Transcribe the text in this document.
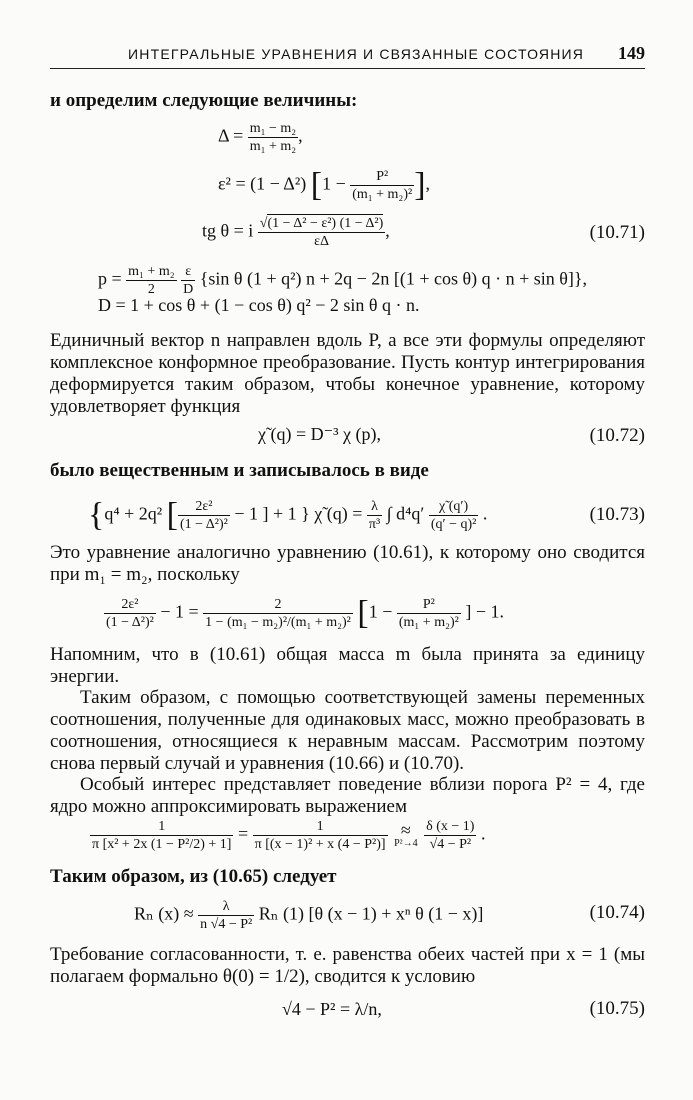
ИНТЕГРАЛЬНЫЕ УРАВНЕНИЯ И СВЯЗАННЫЕ СОСТОЯНИЯ 149
и определим следующие величины:
$\Delta = \frac{\text{m₁ − m₂}}{\text{m₁ + m₂}}$ ,
ε² = (1 − Δ²) [$1 - \frac{\text{P²}}{\text{(m₁ + m₂)²}}$ ],
tg θ = i $\frac{\text{√(1 − Δ² − ε²) (1 − Δ²)}}{\varepsilon\Delta}$ ,	(10.71)
$p = \frac{\text{m₁ + m₂}}{2}$
$\frac{\varepsilon}{D} \{\sin$ θ (1 + q²) n + 2q − 2n [(1 + cos θ) q · n + sin θ]},
D = 1 + cos θ + (1 − cos θ) q² − 2 sin θ q · n.
Единичный вектор n направлен вдоль P, а все эти формулы определяют комплексное конформное преобразование. Пусть контур интегрирования деформируется таким образом, чтобы конечное уравнение, которому удовлетворяет функция
χ̃ (q) = D⁻³ χ (p),	(10.72)
было вещественным и записывалось в виде
{q⁴ + 2q² [ $\frac{\text{2ε²}}{\text{(1 − Δ²)²}} - 1$ ] + 1 } χ̃ $(q) = \frac{\lambda}{\text{π³}}$ ∫ $d^4q' \frac{\chĩ (q')}{\text{(q′ − q)²}}$ .	(10.73)
Это уравнение аналогично уравнению (10.61), к которому оно сводится при m₁ = m₂, поскольку
$\frac{\text{2ε²}}{\text{(1 − Δ²)²}} - 1 = \frac{2}{\text{1 − (m₁ − m₂)²/(m₁ + m₂)²}} [1 - \frac{\text{P²}}{\text{(m₁ + m₂)²}}$ ] − 1.
Напомним, что в (10.61) общая масса m была принята за единицу энергии.
Таким образом, с помощью соответствующей замены переменных соотношения, полученные для одинаковых масс, можно преобразовать в соотношения, относящиеся к неравным массам. Рассмотрим поэтому снова первый случай и уравнения (10.66) и (10.70).
Особый интерес представляет поведение вблизи порога P² = 4, где ядро можно аппроксимировать выражением
$\frac{1}{\text{π [x² + 2x (1 − P²/2) + 1]}} = \frac{1}{\text{π [(x − 1)² + x (4 − P²)]}}$
≈
P²→4
$\frac{\delta (x - 1)}{\text{√4 − P²}}$ .
Таким образом, из (10.65) следует
Rₙ $(x) \approx \frac{\lambda}{\text{n √4 − P²}}$ Rₙ (1) [θ (x − 1) + xⁿ θ (1 − x)]	(10.74)
Требование согласованности, т. е. равенства обеих частей при x = 1 (мы полагаем формально θ(0) = 1/2), сводится к условию
√4 − P² = λ/n,	(10.75)
